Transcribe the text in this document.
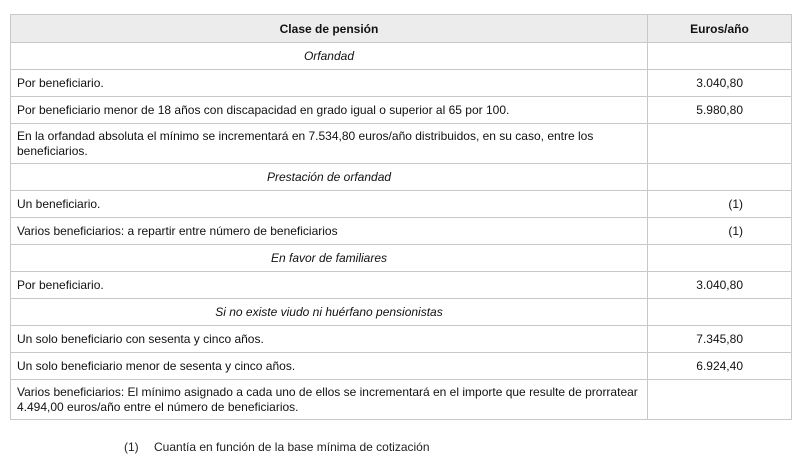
Clase de pensión	Euros/año
Orfandad	
Por beneficiario.	3.040,80
Por beneficiario menor de 18 años con discapacidad en grado igual o superior al 65 por 100.	5.980,80
En la orfandad absoluta el mínimo se incrementará en 7.534,80 euros/año distribuidos, en su caso, entre los beneficiarios.	
Prestación de orfandad	
Un beneficiario.	(1)
Varios beneficiarios: a repartir entre número de beneficiarios	(1)
En favor de familiares	
Por beneficiario.	3.040,80
Si no existe viudo ni huérfano pensionistas	
Un solo beneficiario con sesenta y cinco años.	7.345,80
Un solo beneficiario menor de sesenta y cinco años.	6.924,40
Varios beneficiarios: El mínimo asignado a cada uno de ellos se incrementará en el importe que resulte de prorratear 4.494,00 euros/año entre el número de beneficiarios.	
(1) Cuantía en función de la base mínima de cotización
